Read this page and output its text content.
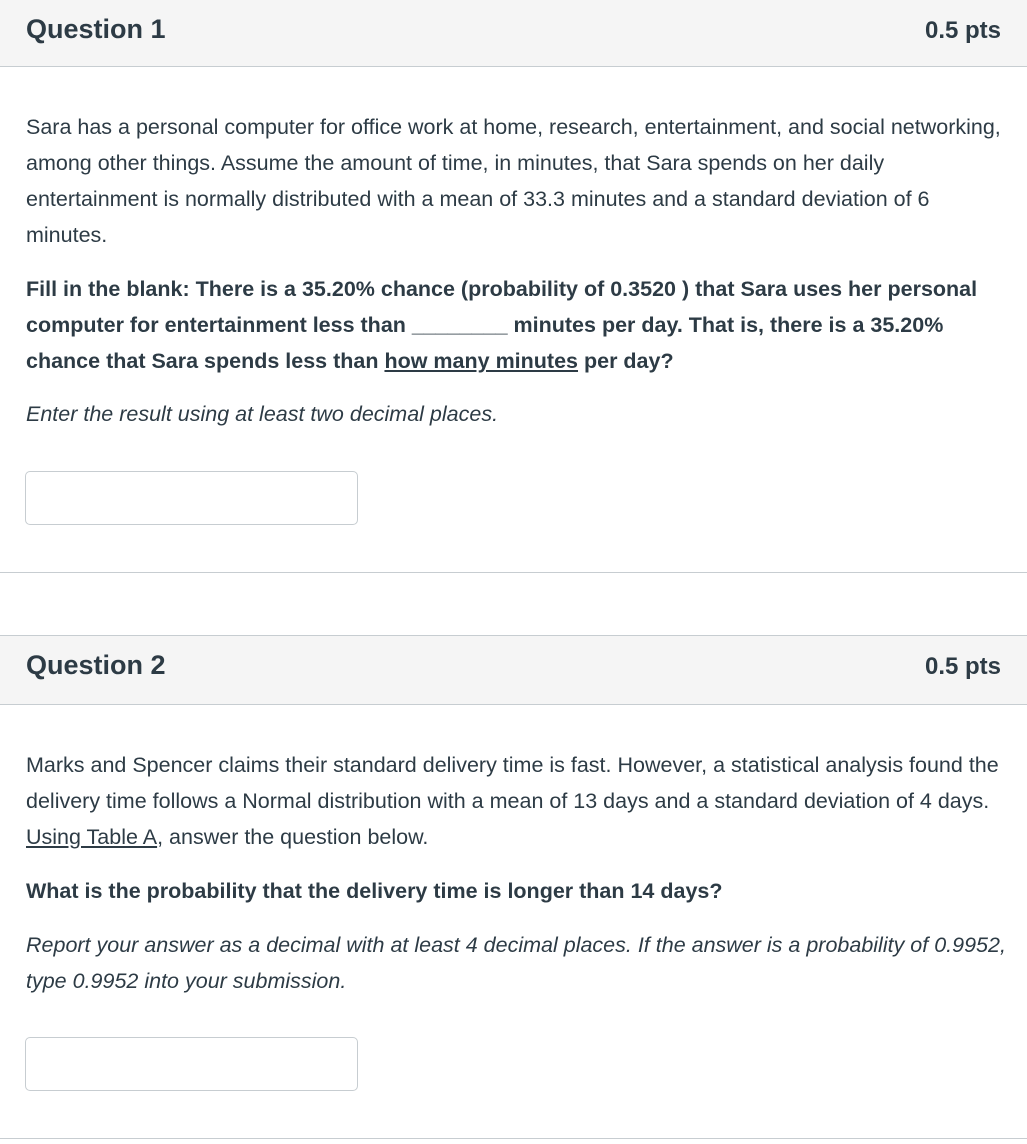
Question 1	0.5 pts

Sara has a personal computer for office work at home, research, entertainment, and social networking, among other things. Assume the amount of time, in minutes, that Sara spends on her daily entertainment is normally distributed with a mean of 33.3 minutes and a standard deviation of 6 minutes.

Fill in the blank: There is a 35.20% chance (probability of 0.3520 ) that Sara uses her personal computer for entertainment less than ________ minutes per day. That is, there is a 35.20% chance that Sara spends less than how many minutes per day?

Enter the result using at least two decimal places.

Question 2	0.5 pts

Marks and Spencer claims their standard delivery time is fast. However, a statistical analysis found the delivery time follows a Normal distribution with a mean of 13 days and a standard deviation of 4 days. Using Table A, answer the question below.

What is the probability that the delivery time is longer than 14 days?

Report your answer as a decimal with at least 4 decimal places. If the answer is a probability of 0.9952, type 0.9952 into your submission.
